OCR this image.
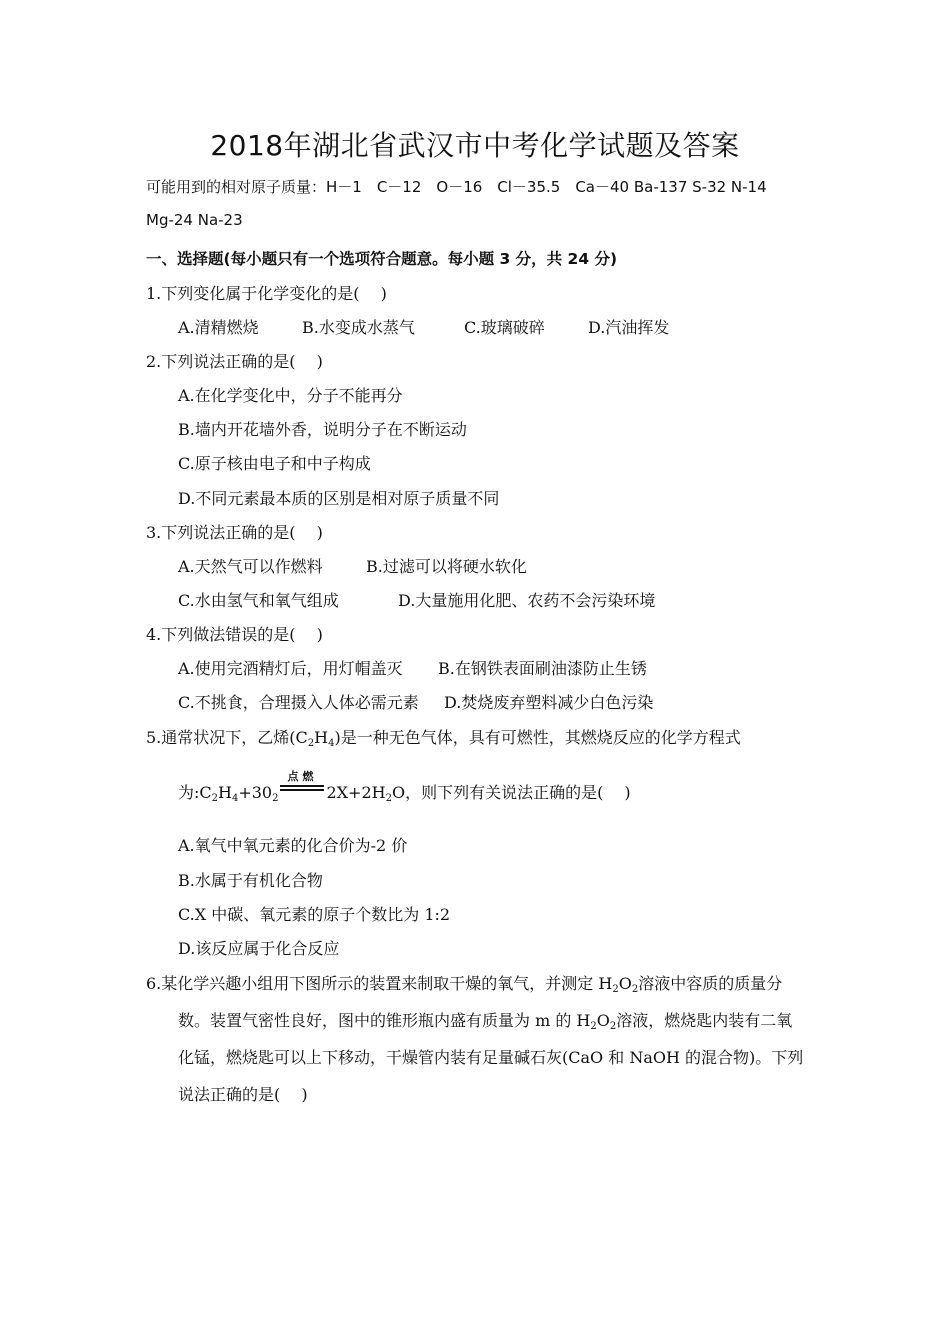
2018年湖北省武汉市中考化学试题及答案
可能用到的相对原子质量：H－1　C－12　O－16　Cl－35.5　Ca－40 Ba-137 S-32 N-14
Mg-24 Na-23
一、选择题(每小题只有一个选项符合题意。每小题 3 分，共 24 分)
1.下列变化属于化学变化的是(　 )
A.清精燃烧	B.水变成水蒸气	C.玻璃破碎	D.汽油挥发
2.下列说法正确的是(　 )
A.在化学变化中，分子不能再分
B.墙内开花墙外香，说明分子在不断运动
C.原子核由电子和中子构成
D.不同元素最本质的区别是相对原子质量不同
3.下列说法正确的是(　 )
A.天然气可以作燃料	B.过滤可以将硬水软化
C.水由氢气和氧气组成	D.大量施用化肥、农药不会污染环境
4.下列做法错误的是(　 )
A.使用完酒精灯后，用灯帽盖灭 B.在钢铁表面刷油漆防止生锈
C.不挑食，合理摄入人体必需元素 D.焚烧废弃塑料减少白色污染
5.通常状况下，乙烯$(C_2H_4)$是一种无色气体，具有可燃性，其燃烧反应的化学方程式
为$:C_2H_4+30_2$
点燃
$2X+2H_2O$，则下列有关说法正确的是(　 )
A.氧气中氧元素的化合价为-2 价
B.水属于有机化合物
C.X 中碳、氧元素的原子个数比为 1:2
D.该反应属于化合反应
6.某化学兴趣小组用下图所示的装置来制取干燥的氧气，并测定 $H_2O_2$溶液中容质的质量分
数。装置气密性良好，图中的锥形瓶内盛有质量为 m 的 $H_2O_2$溶液，燃烧匙内装有二氧
化锰，燃烧匙可以上下移动，干燥管内装有足量碱石灰(CaO 和 NaOH 的混合物)。下列
说法正确的是(　 )
